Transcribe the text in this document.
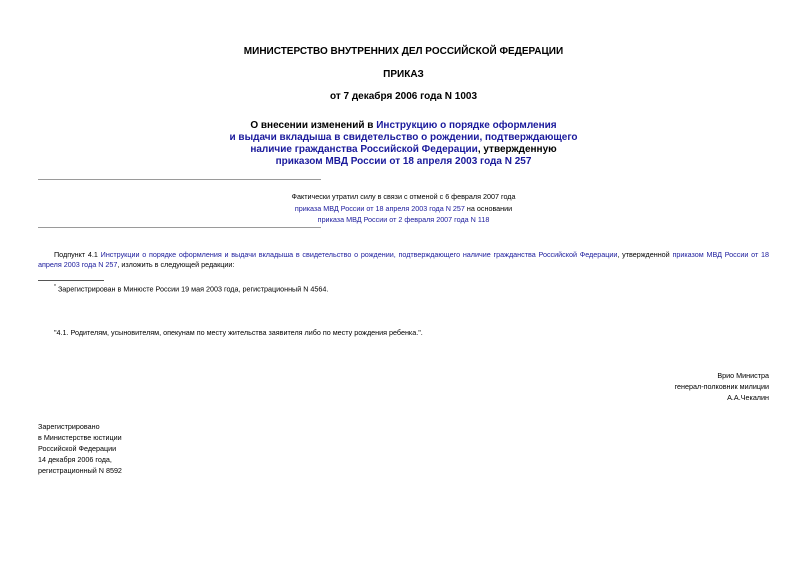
МИНИСТЕРСТВО ВНУТРЕННИХ ДЕЛ РОССИЙСКОЙ ФЕДЕРАЦИИ
ПРИКАЗ
от 7 декабря 2006 года N 1003
О внесении изменений в Инструкцию о порядке оформления
и выдачи вкладыша в свидетельство о рождении, подтверждающего
наличие гражданства Российской Федерации, утвержденную
приказом МВД России от 18 апреля 2003 года N 257
Фактически утратил силу в связи с отменой с 6 февраля 2007 года
приказа МВД России от 18 апреля 2003 года N 257 на основании
приказа МВД России от 2 февраля 2007 года N 118
Подпункт 4.1 Инструкции о порядке оформления и выдачи вкладыша в свидетельство о рождении, подтверждающего наличие гражданства Российской Федерации, утвержденной приказом МВД России от 18 апреля 2003 года N 257, изложить в следующей редакции:
* Зарегистрирован в Минюсте России 19 мая 2003 года, регистрационный N 4564.
"4.1. Родителям, усыновителям, опекунам по месту жительства заявителя либо по месту рождения ребенка.".
Врио Министра
генерал-полковник милиции
А.А.Чекалин
Зарегистрировано
в Министерстве юстиции
Российской Федерации
14 декабря 2006 года,
регистрационный N 8592
